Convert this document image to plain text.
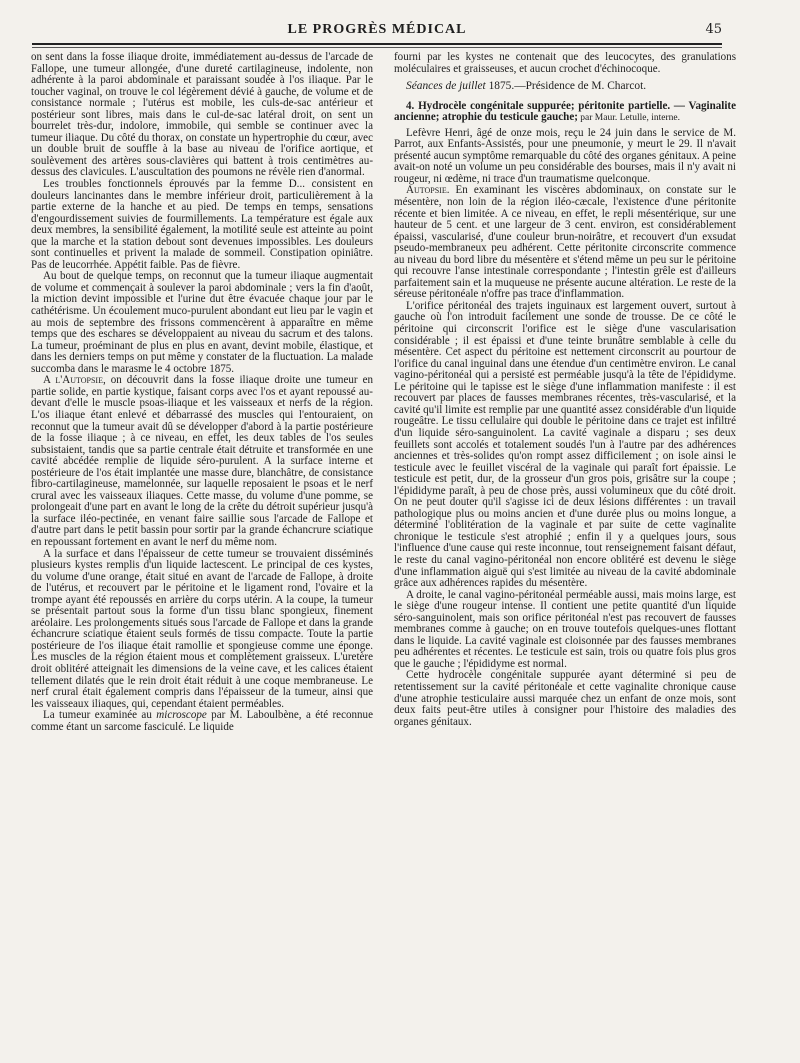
LE PROGRÈS MÉDICAL	45

on sent dans la fosse iliaque droite, immédiatement au-dessus de l'arcade de Fallope, une tumeur allongée, d'une dureté cartilagineuse, indolente, non adhérente à la paroi abdominale et paraissant soudée à l'os iliaque. Par le toucher vaginal, on trouve le col légèrement dévié à gauche, de volume et de consistance normale ; l'utérus est mobile, les culs-de-sac antérieur et postérieur sont libres, mais dans le cul-de-sac latéral droit, on sent un bourrelet très-dur, indolore, immobile, qui semble se continuer avec la tumeur iliaque. Du côté du thorax, on constate un hypertrophie du cœur, avec un double bruit de souffle à la base au niveau de l'orifice aortique, et soulèvement des artères sous-clavières qui battent à trois centimètres au-dessus des clavicules. L'auscultation des poumons ne révèle rien d'anormal.

Les troubles fonctionnels éprouvés par la femme D... consistent en douleurs lancinantes dans le membre inférieur droit, particulièrement à la partie externe de la hanche et au pied. De temps en temps, sensations d'engourdissement suivies de fourmillements. La température est égale aux deux membres, la sensibilité également, la motilité seule est atteinte au point que la marche et la station debout sont devenues impossibles. Les douleurs sont continuelles et privent la malade de sommeil. Constipation opiniâtre. Pas de leucorrhée. Appétit faible. Pas de fièvre.

Au bout de quelque temps, on reconnut que la tumeur iliaque augmentait de volume et commençait à soulever la paroi abdominale ; vers la fin d'août, la miction devint impossible et l'urine dut être évacuée chaque jour par le cathétérisme. Un écoulement muco-purulent abondant eut lieu par le vagin et au mois de septembre des frissons commencèrent à apparaître en même temps que des eschares se développaient au niveau du sacrum et des talons. La tumeur, proéminant de plus en plus en avant, devint mobile, élastique, et dans les derniers temps on put même y constater de la fluctuation. La malade succomba dans le marasme le 4 octobre 1875.

A l'Autopsie, on découvrit dans la fosse iliaque droite une tumeur en partie solide, en partie kystique, faisant corps avec l'os et ayant repoussé au-devant d'elle le muscle psoas-iliaque et les vaisseaux et nerfs de la région. L'os iliaque étant enlevé et débarrassé des muscles qui l'entouraient, on reconnut que la tumeur avait dû se développer d'abord à la partie postérieure de la fosse iliaque ; à ce niveau, en effet, les deux tables de l'os seules subsistaient, tandis que sa partie centrale était détruite et transformée en une cavité abcédée remplie de liquide séro-purulent. A la surface interne et postérieure de l'os était implantée une masse dure, blanchâtre, de consistance fibro-cartilagineuse, mamelonnée, sur laquelle reposaient le psoas et le nerf crural avec les vaisseaux iliaques. Cette masse, du volume d'une pomme, se prolongeait d'une part en avant le long de la crête du détroit supérieur jusqu'à la surface iléo-pectinée, en venant faire saillie sous l'arcade de Fallope et d'autre part dans le petit bassin pour sortir par la grande échancrure sciatique en repoussant fortement en avant le nerf du même nom.

A la surface et dans l'épaisseur de cette tumeur se trouvaient disséminés plusieurs kystes remplis d'un liquide lactescent. Le principal de ces kystes, du volume d'une orange, était situé en avant de l'arcade de Fallope, à droite de l'utérus, et recouvert par le péritoine et le ligament rond, l'ovaire et la trompe ayant été repoussés en arrière du corps utérin. A la coupe, la tumeur se présentait partout sous la forme d'un tissu blanc spongieux, finement aréolaire. Les prolongements situés sous l'arcade de Fallope et dans la grande échancrure sciatique étaient seuls formés de tissu compacte. Toute la partie postérieure de l'os iliaque était ramollie et spongieuse comme une éponge. Les muscles de la région étaient mous et complètement graisseux. L'uretère droit oblitéré atteignait les dimensions de la veine cave, et les calices étaient tellement dilatés que le rein droit était réduit à une coque membraneuse. Le nerf crural était également compris dans l'épaisseur de la tumeur, ainsi que les vaisseaux iliaques, qui, cependant étaient perméables.

La tumeur examinée au microscope par M. Laboulbène, a été reconnue comme étant un sarcome fasciculé. Le liquide

fourni par les kystes ne contenait que des leucocytes, des granulations moléculaires et graisseuses, et aucun crochet d'échinocoque.

Séances de juillet 1875.—Présidence de M. Charcot.
4. Hydrocèle congénitale suppurée; péritonite partielle. — Vaginalite ancienne; atrophie du testicule gauche; par Maur. Letulle, interne.

Lefèvre Henri, âgé de onze mois, reçu le 24 juin dans le service de M. Parrot, aux Enfants-Assistés, pour une pneumonie, y meurt le 29. Il n'avait présenté aucun symptôme remarquable du côté des organes génitaux. A peine avait-on noté un volume un peu considérable des bourses, mais il n'y avait ni rougeur, ni œdème, ni trace d'un traumatisme quelconque.

Autopsie. En examinant les viscères abdominaux, on constate sur le mésentère, non loin de la région iléo-cæcale, l'existence d'une péritonite récente et bien limitée. A ce niveau, en effet, le repli mésentérique, sur une hauteur de 5 cent. et une largeur de 3 cent. environ, est considérablement épaissi, vascularisé, d'une couleur brun-noirâtre, et recouvert d'un exsudat pseudo-membraneux peu adhérent. Cette péritonite circonscrite commence au niveau du bord libre du mésentère et s'étend même un peu sur le péritoine qui recouvre l'anse intestinale correspondante ; l'intestin grêle est d'ailleurs parfaitement sain et la muqueuse ne présente aucune altération. Le reste de la séreuse péritonéale n'offre pas trace d'inflammation.

L'orifice péritonéal des trajets inguinaux est largement ouvert, surtout à gauche où l'on introduit facilement une sonde de trousse. De ce côté le péritoine qui circonscrit l'orifice est le siège d'une vascularisation considérable ; il est épaissi et d'une teinte brunâtre semblable à celle du mésentère. Cet aspect du péritoine est nettement circonscrit au pourtour de l'orifice du canal inguinal dans une étendue d'un centimètre environ. Le canal vagino-péritonéal qui a persisté est perméable jusqu'à la tête de l'épididyme. Le péritoine qui le tapisse est le siège d'une inflammation manifeste : il est recouvert par places de fausses membranes récentes, très-vascularisé, et la cavité qu'il limite est remplie par une quantité assez considérable d'un liquide rougeâtre. Le tissu cellulaire qui double le péritoine dans ce trajet est infiltré d'un liquide séro-sanguinolent. La cavité vaginale a disparu ; ses deux feuillets sont accolés et totalement soudés l'un à l'autre par des adhérences anciennes et très-solides qu'on rompt assez difficilement ; on isole ainsi le testicule avec le feuillet viscéral de la vaginale qui paraît fort épaissie. Le testicule est petit, dur, de la grosseur d'un gros pois, grisâtre sur la coupe ; l'épididyme paraît, à peu de chose près, aussi volumineux que du côté droit. On ne peut douter qu'il s'agisse ici de deux lésions différentes : un travail pathologique plus ou moins ancien et d'une durée plus ou moins longue, a déterminé l'oblitération de la vaginale et par suite de cette vaginalite chronique le testicule s'est atrophié ; enfin il y a quelques jours, sous l'influence d'une cause qui reste inconnue, tout renseignement faisant défaut, le reste du canal vagino-péritonéal non encore oblitéré est devenu le siège d'une inflammation aiguë qui s'est limitée au niveau de la cavité abdominale grâce aux adhérences rapides du mésentère.

A droite, le canal vagino-péritonéal perméable aussi, mais moins large, est le siège d'une rougeur intense. Il contient une petite quantité d'un liquide séro-sanguinolent, mais son orifice péritonéal n'est pas recouvert de fausses membranes comme à gauche; on en trouve toutefois quelques-unes flottant dans le liquide. La cavité vaginale est cloisonnée par des fausses membranes peu adhérentes et récentes. Le testicule est sain, trois ou quatre fois plus gros que le gauche ; l'épididyme est normal.

Cette hydrocèle congénitale suppurée ayant déterminé si peu de retentissement sur la cavité péritonéale et cette vaginalite chronique cause d'une atrophie testiculaire aussi marquée chez un enfant de onze mois, sont deux faits peut-être utiles à consigner pour l'histoire des maladies des organes génitaux.
